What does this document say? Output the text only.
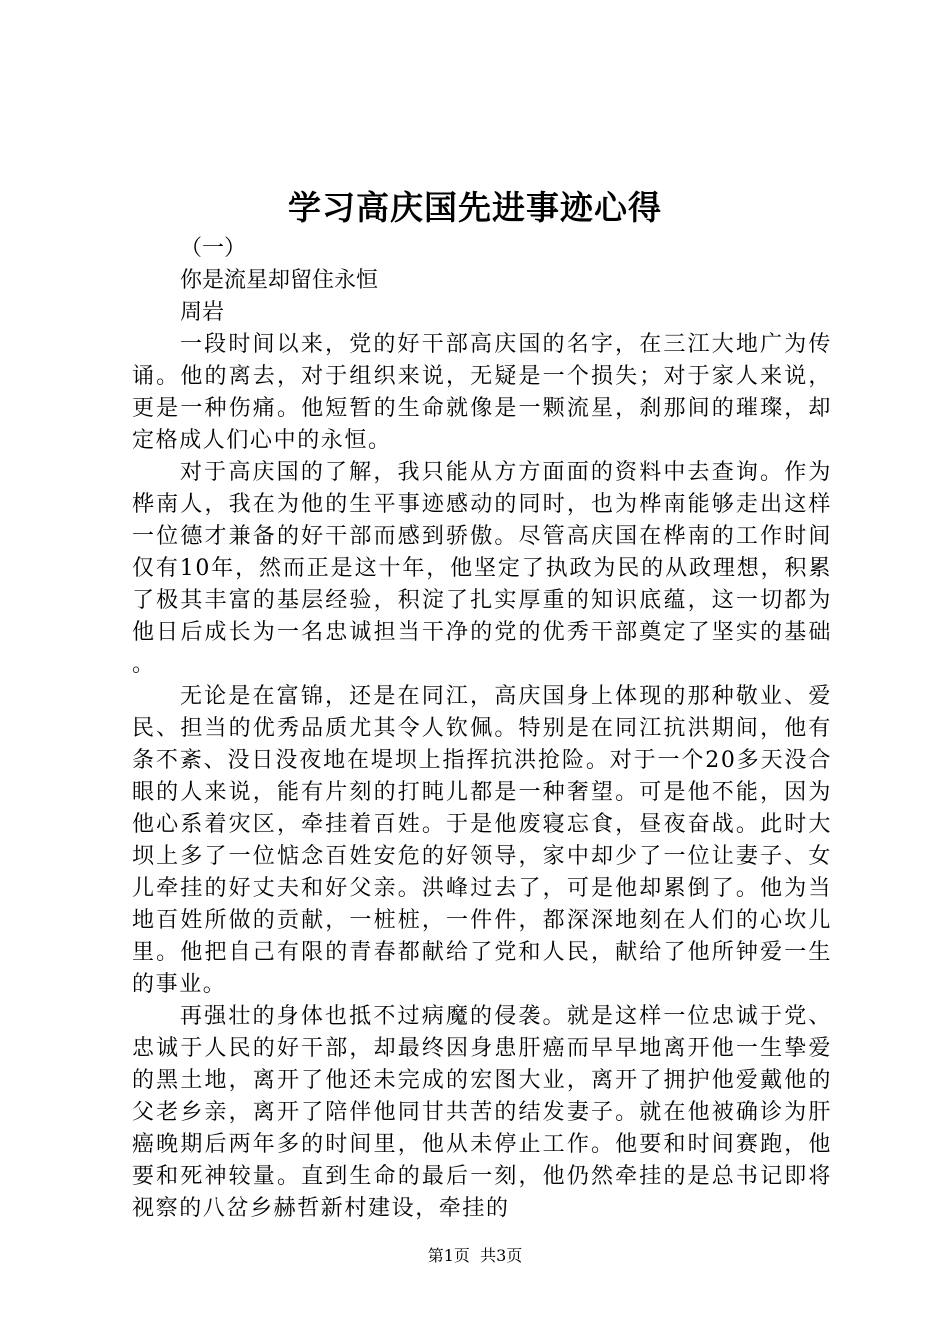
学习高庆国先进事迹心得

（一）

你是流星却留住永恒

周岩

一段时间以来，党的好干部高庆国的名字，在三江大地广为传诵。他的离去，对于组织来说，无疑是一个损失；对于家人来说，更是一种伤痛。他短暂的生命就像是一颗流星，刹那间的璀璨，却定格成人们心中的永恒。

对于高庆国的了解，我只能从方方面面的资料中去查询。作为桦南人，我在为他的生平事迹感动的同时，也为桦南能够走出这样一位德才兼备的好干部而感到骄傲。尽管高庆国在桦南的工作时间仅有10年，然而正是这十年，他坚定了执政为民的从政理想，积累了极其丰富的基层经验，积淀了扎实厚重的知识底蕴，这一切都为他日后成长为一名忠诚担当干净的党的优秀干部奠定了坚实的基础。

无论是在富锦，还是在同江，高庆国身上体现的那种敬业、爱民、担当的优秀品质尤其令人钦佩。特别是在同江抗洪期间，他有条不紊、没日没夜地在堤坝上指挥抗洪抢险。对于一个20多天没合眼的人来说，能有片刻的打盹儿都是一种奢望。可是他不能，因为他心系着灾区，牵挂着百姓。于是他废寝忘食，昼夜奋战。此时大坝上多了一位惦念百姓安危的好领导，家中却少了一位让妻子、女儿牵挂的好丈夫和好父亲。洪峰过去了，可是他却累倒了。他为当地百姓所做的贡献，一桩桩，一件件，都深深地刻在人们的心坎儿里。他把自己有限的青春都献给了党和人民，献给了他所钟爱一生的事业。

再强壮的身体也抵不过病魔的侵袭。就是这样一位忠诚于党、忠诚于人民的好干部，却最终因身患肝癌而早早地离开他一生挚爱的黑土地，离开了他还未完成的宏图大业，离开了拥护他爱戴他的父老乡亲，离开了陪伴他同甘共苦的结发妻子。就在他被确诊为肝癌晚期后两年多的时间里，他从未停止工作。他要和时间赛跑，他要和死神较量。直到生命的最后一刻，他仍然牵挂的是总书记即将视察的八岔乡赫哲新村建设，牵挂的

第1页  共3页
